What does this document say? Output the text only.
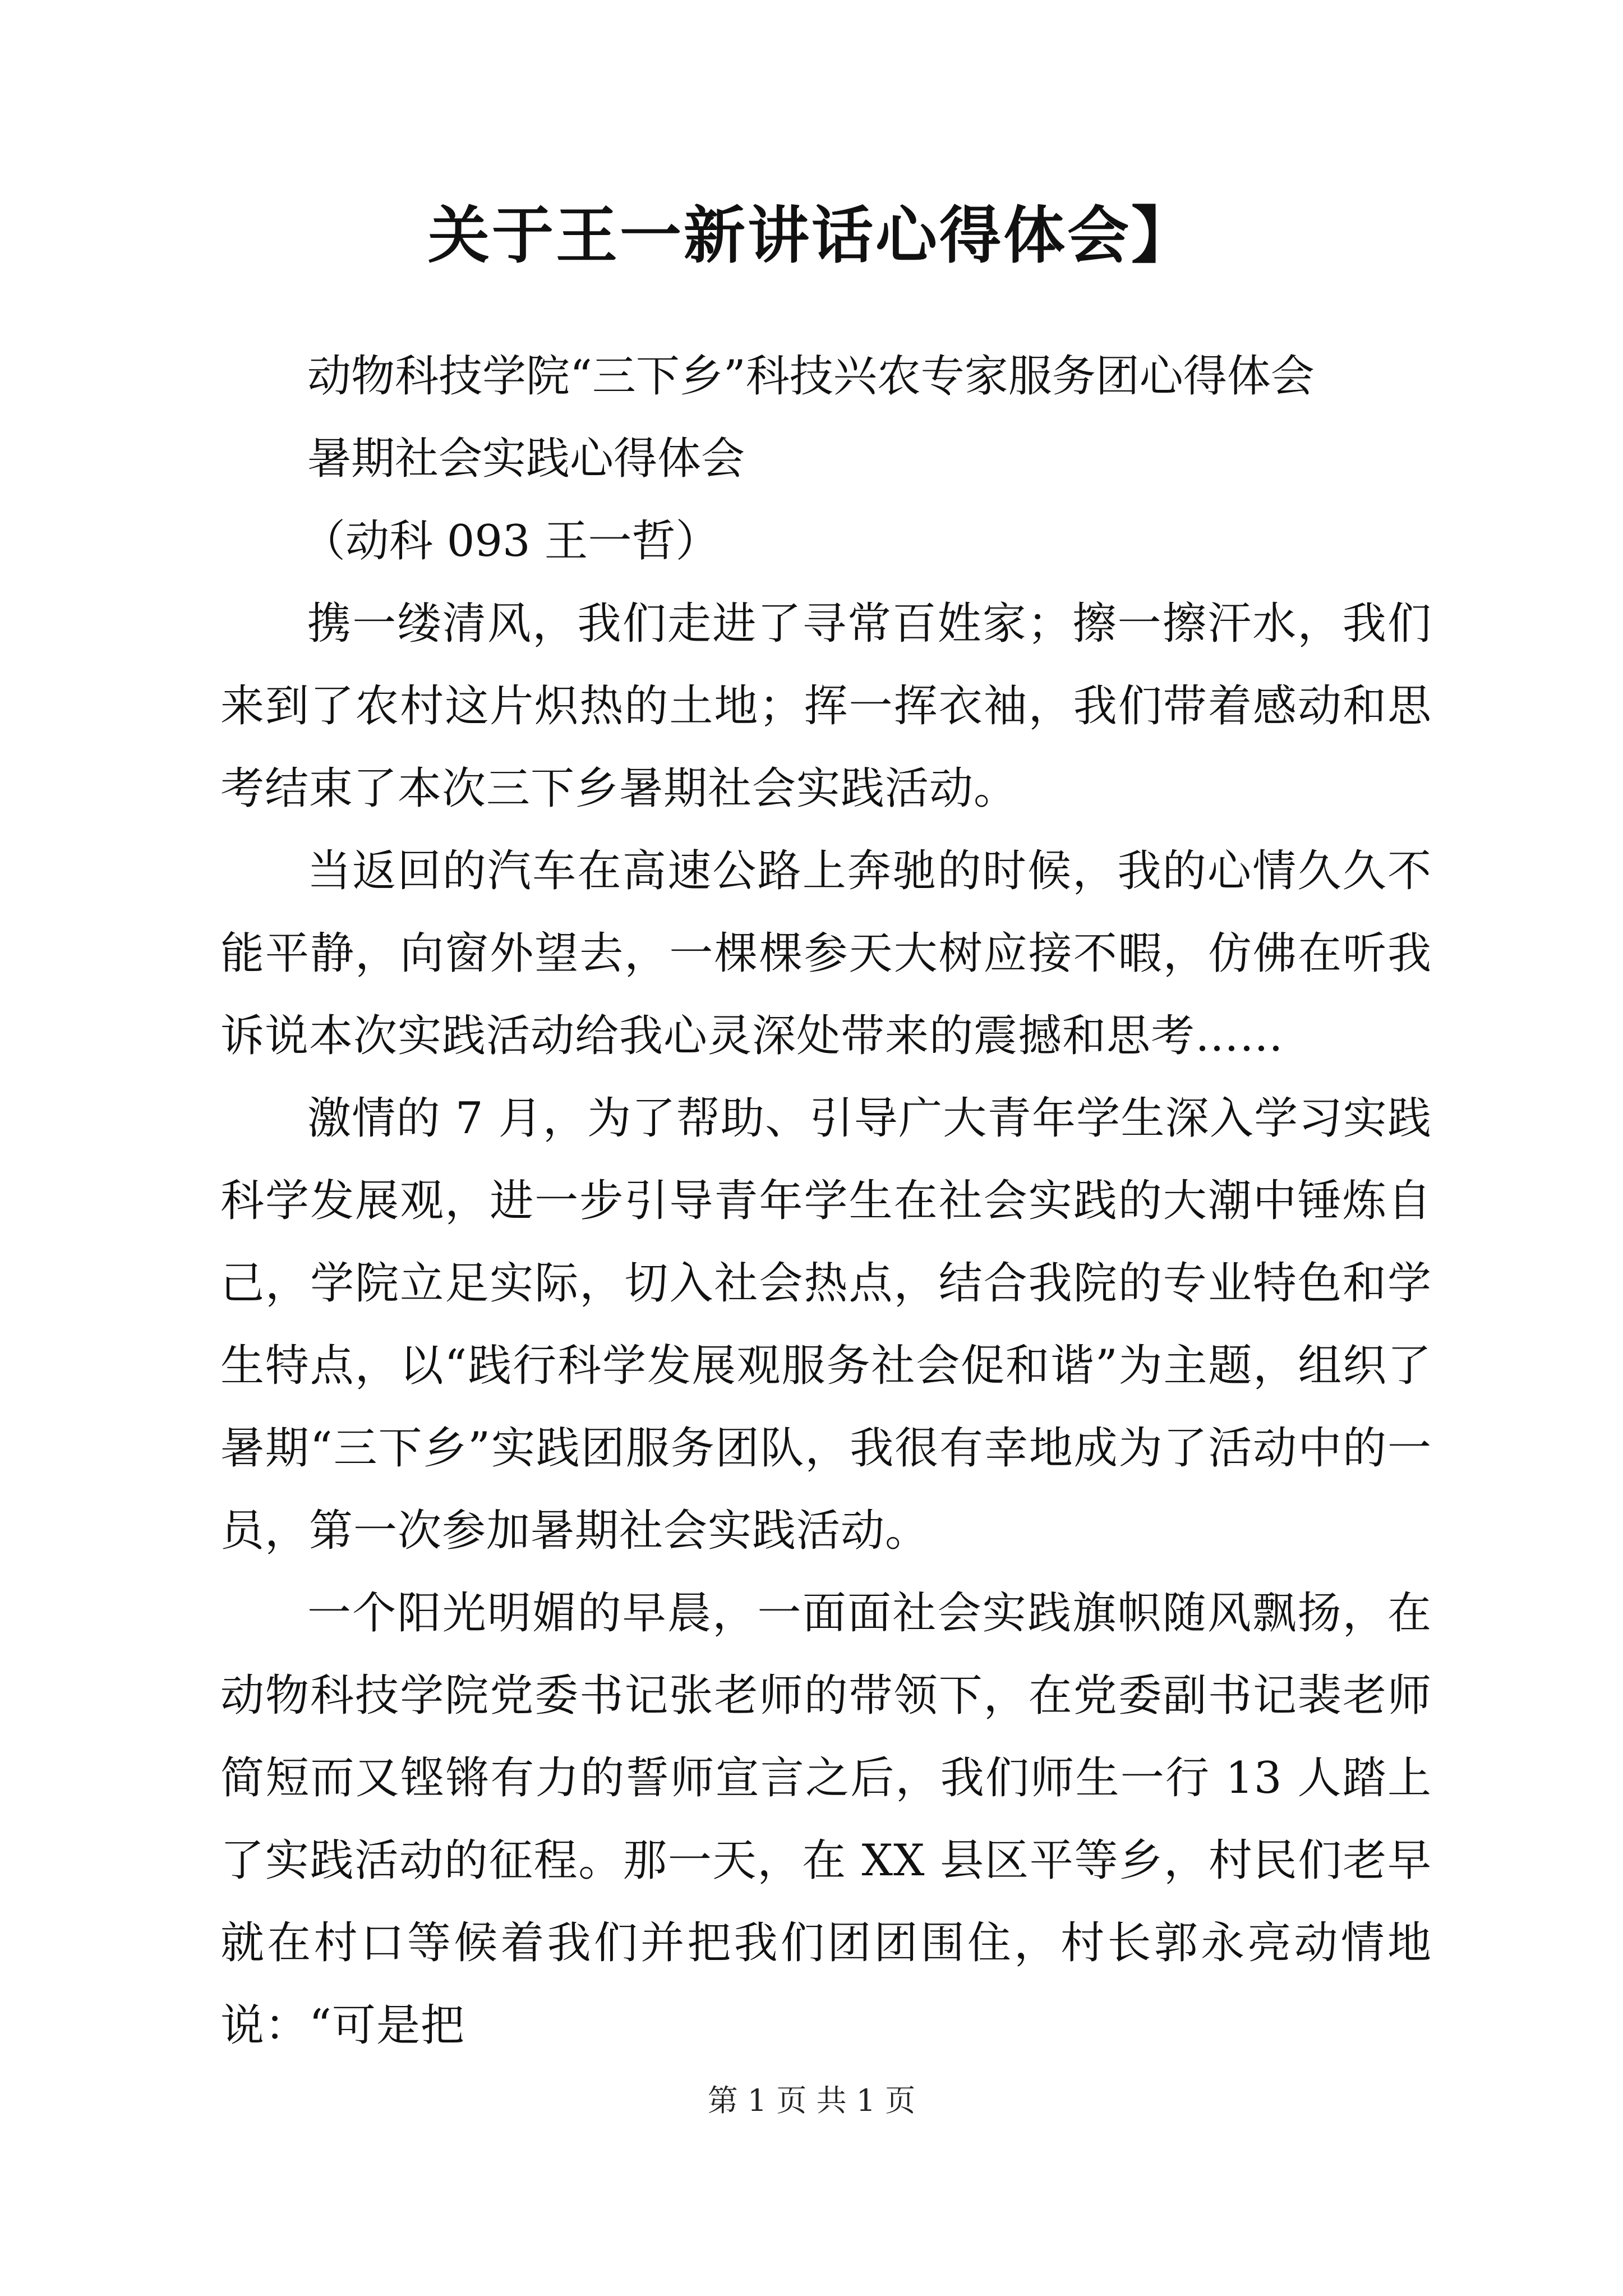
关于王一新讲话心得体会】

动物科技学院“三下乡”科技兴农专家服务团心得体会

暑期社会实践心得体会

（动科 093 王一哲）

携一缕清风，我们走进了寻常百姓家；擦一擦汗水，我们来到了农村这片炽热的土地；挥一挥衣袖，我们带着感动和思考结束了本次三下乡暑期社会实践活动。

当返回的汽车在高速公路上奔驰的时候，我的心情久久不能平静，向窗外望去，一棵棵参天大树应接不暇，仿佛在听我诉说本次实践活动给我心灵深处带来的震撼和思考……

激情的 7 月，为了帮助、引导广大青年学生深入学习实践科学发展观，进一步引导青年学生在社会实践的大潮中锤炼自己，学院立足实际，切入社会热点，结合我院的专业特色和学生特点，以“践行科学发展观服务社会促和谐”为主题，组织了暑期“三下乡”实践团服务团队，我很有幸地成为了活动中的一员，第一次参加暑期社会实践活动。

一个阳光明媚的早晨，一面面社会实践旗帜随风飘扬，在动物科技学院党委书记张老师的带领下，在党委副书记裴老师简短而又铿锵有力的誓师宣言之后，我们师生一行 13 人踏上了实践活动的征程。那一天，在 XX 县区平等乡，村民们老早就在村口等候着我们并把我们团团围住，村长郭永亮动情地说：“可是把

第 1 页 共 1 页
